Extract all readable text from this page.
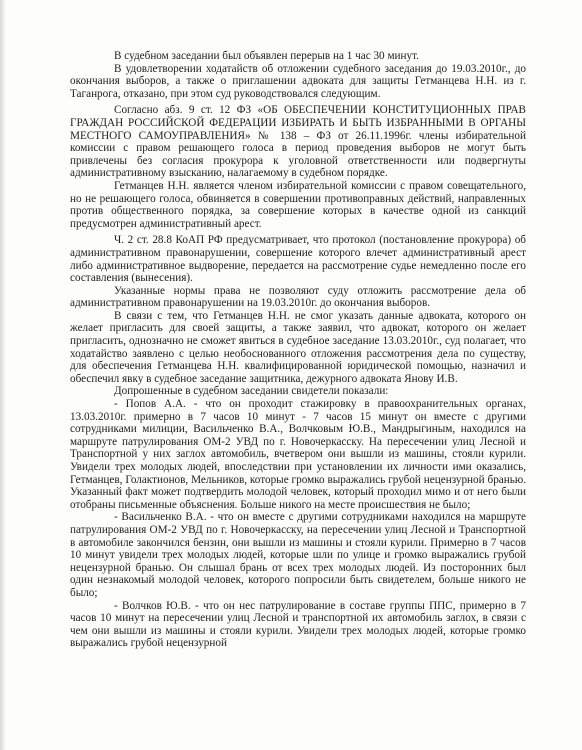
В судебном заседании был объявлен перерыв на 1 час 30 минут.

В удовлетворении ходатайств об отложении судебного заседания до 19.03.2010г., до окончания выборов, а также о приглашении адвоката для защиты Гетманцева Н.Н. из г. Таганрога, отказано, при этом суд руководствовался следующим.

Согласно абз. 9 ст. 12 ФЗ «ОБ ОБЕСПЕЧЕНИИ КОНСТИТУЦИОННЫХ ПРАВ ГРАЖДАН РОССИЙСКОЙ ФЕДЕРАЦИИ ИЗБИРАТЬ И БЫТЬ ИЗБРАННЫМИ В ОРГАНЫ МЕСТНОГО САМОУПРАВЛЕНИЯ» № 138 – ФЗ от 26.11.1996г. члены избирательной комиссии с правом решающего голоса в период проведения выборов не могут быть привлечены без согласия прокурора к уголовной ответственности или подвергнуты административному взысканию, налагаемому в судебном порядке.

Гетманцев Н.Н. является членом избирательной комиссии с правом совещательного, но не решающего голоса, обвиняется в совершении противоправных действий, направленных против общественного порядка, за совершение которых в качестве одной из санкций предусмотрен административный арест.

Ч. 2 ст. 28.8 КоАП РФ предусматривает, что протокол (постановление прокурора) об административном правонарушении, совершение которого влечет административный арест либо административное выдворение, передается на рассмотрение судье немедленно после его составления (вынесения).

Указанные нормы права не позволяют суду отложить рассмотрение дела об административном правонарушении на 19.03.2010г. до окончания выборов.

В связи с тем, что Гетманцев Н.Н. не смог указать данные адвоката, которого он желает пригласить для своей защиты, а также заявил, что адвокат, которого он желает пригласить, однозначно не сможет явиться в судебное заседание 13.03.2010г., суд полагает, что ходатайство заявлено с целью необоснованного отложения рассмотрения дела по существу, для обеспечения Гетманцева Н.Н. квалифицированной юридической помощью, назначил и обеспечил явку в судебное заседание защитника, дежурного адвоката Янову И.В.

Допрошенные в судебном заседании свидетели показали:

- Попов А.А. - что он проходит стажировку в правоохранительных органах, 13.03.2010г. примерно в 7 часов 10 минут - 7 часов 15 минут он вместе с другими сотрудниками милиции, Васильченко В.А., Волчковым Ю.В., Мандрыгиным, находился на маршруте патрулирования ОМ-2 УВД по г. Новочеркасску. На пересечении улиц Лесной и Транспортной у них заглох автомобиль, вчетвером они вышли из машины, стояли курили. Увидели трех молодых людей, впоследствии при установлении их личности ими оказались, Гетманцев, Голактионов, Мельников, которые громко выражались грубой нецензурной бранью. Указанный факт может подтвердить молодой человек, который проходил мимо и от него были отобраны письменные объяснения. Больше никого на месте происшествия не было;

- Васильченко В.А. - что он вместе с другими сотрудниками находился на маршруте патрулирования ОМ-2 УВД по г. Новочеркасску, на пересечении улиц Лесной и Транспортной в автомобиле закончился бензин, они вышли из машины и стояли курили. Примерно в 7 часов 10 минут увидели трех молодых людей, которые шли по улице и громко выражались грубой нецензурной бранью. Он слышал брань от всех трех молодых людей. Из посторонних был один незнакомый молодой человек, которого попросили быть свидетелем, больше никого не было;

- Волчков Ю.В. - что он нес патрулирование в составе группы ППС, примерно в 7 часов 10 минут на пересечении улиц Лесной и транспортной их автомобиль заглох, в связи с чем они вышли из машины и стояли курили. Увидели трех молодых людей, которые громко выражались грубой нецензурной
